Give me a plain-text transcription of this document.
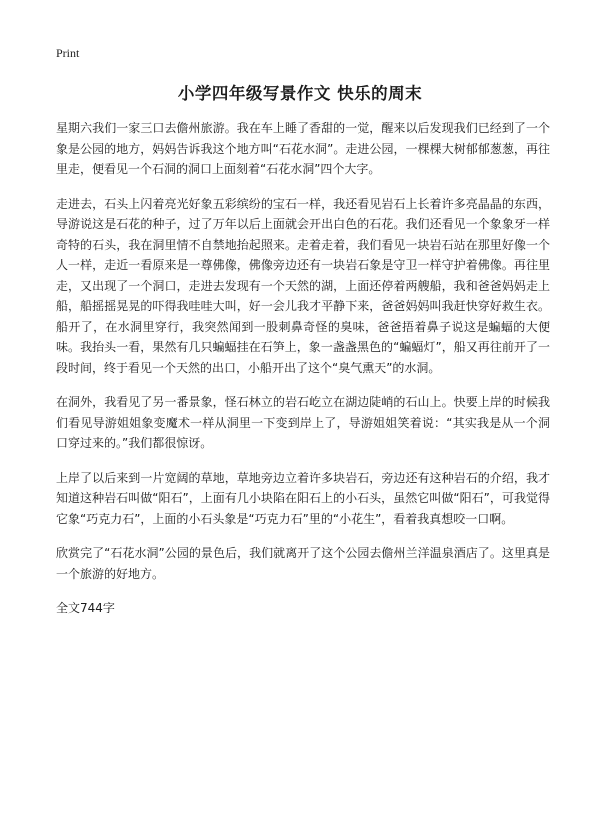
Print
小学四年级写景作文 快乐的周末

星期六我们一家三口去儋州旅游。我在车上睡了香甜的一觉，醒来以后发现我们已经到了一个象是公园的地方，妈妈告诉我这个地方叫“石花水洞”。走进公园，一棵棵大树郁郁葱葱，再往里走，便看见一个石洞的洞口上面刻着“石花水洞”四个大字。

走进去，石头上闪着亮光好象五彩缤纷的宝石一样，我还看见岩石上长着许多亮晶晶的东西，导游说这是石花的种子，过了万年以后上面就会开出白色的石花。我们还看见一个象象牙一样奇特的石头，我在洞里情不自禁地抬起照来。走着走着，我们看见一块岩石站在那里好像一个人一样，走近一看原来是一尊佛像，佛像旁边还有一块岩石象是守卫一样守护着佛像。再往里走，又出现了一个洞口，走进去发现有一个天然的湖，上面还停着两艘船，我和爸爸妈妈走上船，船摇摇晃晃的吓得我哇哇大叫，好一会儿我才平静下来，爸爸妈妈叫我赶快穿好救生衣。船开了，在水洞里穿行，我突然闻到一股刺鼻奇怪的臭味，爸爸捂着鼻子说这是蝙蝠的大便味。我抬头一看，果然有几只蝙蝠挂在石笋上，象一盏盏黑色的“蝙蝠灯”，船又再往前开了一段时间，终于看见一个天然的出口，小船开出了这个“臭气熏天”的水洞。

在洞外，我看见了另一番景象，怪石林立的岩石屹立在湖边陡峭的石山上。快要上岸的时候我们看见导游姐姐象变魔术一样从洞里一下变到岸上了，导游姐姐笑着说：“其实我是从一个洞口穿过来的。”我们都很惊讶。

上岸了以后来到一片宽阔的草地，草地旁边立着许多块岩石，旁边还有这种岩石的介绍，我才知道这种岩石叫做“阳石”，上面有几小块陷在阳石上的小石头，虽然它叫做“阳石”，可我觉得它象“巧克力石”，上面的小石头象是“巧克力石”里的“小花生”，看着我真想咬一口啊。

欣赏完了“石花水洞”公园的景色后，我们就离开了这个公园去儋州兰洋温泉酒店了。这里真是一个旅游的好地方。

全文744字
